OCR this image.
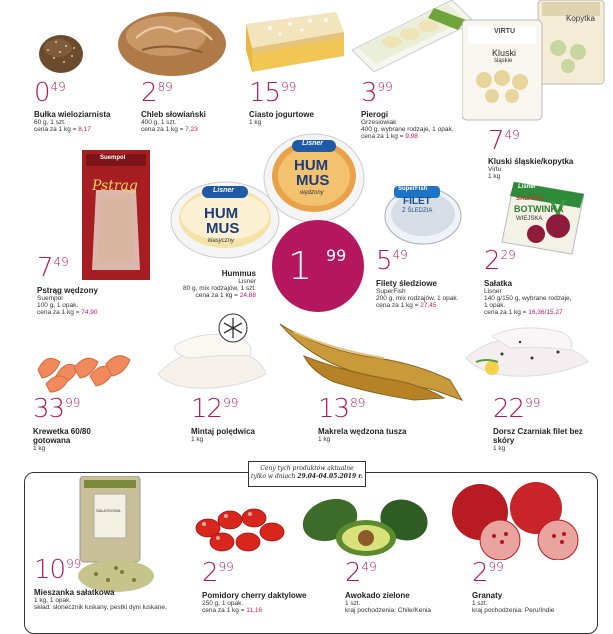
VIRTU
Kluski
śląskie
Kopytka
$0^{49}$
Bułka wieloziarnista
60 g, 1 szt.
cena za 1 kg = 8,17
$2^{89}$
Chleb słowiański
400 g, 1 szt.
cena za 1 kg = 7,23
$15^{99}$
Ciasto jogurtowe
1 kg
$3^{99}$
Pierogi
Grzesiowiak
400 g, wybrane rodzaje, 1 opak.
cena za 1 kg = 9,98	$7^{49}$
Kluski śląskie/kopytka
Virtu
1 kg
Suempol
Pstrąg	Lisner
HUM
MUS
klasyczny
Lisner
HUM
MUS
wędzony
1 99
SuperFish
FILET
Z ŚLEDZIA
Lisner
SAŁATKA
BOTWINKA
WIEJSKA
$7^{49}$
Pstrąg wędzony
Suempol
100 g, 1 opak.
cena za 1 kg = 74,90
Hummus
Lisner
80 g, mix rodzajów, 1 szt.
cena za 1 kg = 24,88
$5^{49}$
Filety śledziowe
SuperFish
200 g, mix rodzajów, 1 opak.
cena za 1 kg = 27,45
$2^{29}$
Sałatka
Lisner
140 g/150 g, wybrane rodzaje,
1 opak.
cena za 1 kg = 16,36/15,27
$33^{99}$
Krewetka 60/80
gotowana
1 kg
$12^{99}$
Mintaj polędwica
1 kg
$13^{89}$
Makrela wędzona tusza
1 kg
$22^{99}$
Dorsz Czarniak filet bez
skóry
1 kg
Ceny tych produktów aktualne
tylko w dniach 29.04-04.05.2019 r.
SAŁATKOWA
$10^{99}$
Mieszanka sałatkowa
1 kg, 1 opak.
skład: słonecznik łuskany, pestki dyni łuskane,
$2^{99}$
Pomidory cherry daktylowe
250 g, 1 opak.
cena za 1 kg = 11,16
$2^{49}$
Awokado zielone
1 szt.
kraj pochodzenia: Chile/Kenia
$2^{99}$
Granaty
1 szt.
kraj pochodzenia: Peru/Indie
